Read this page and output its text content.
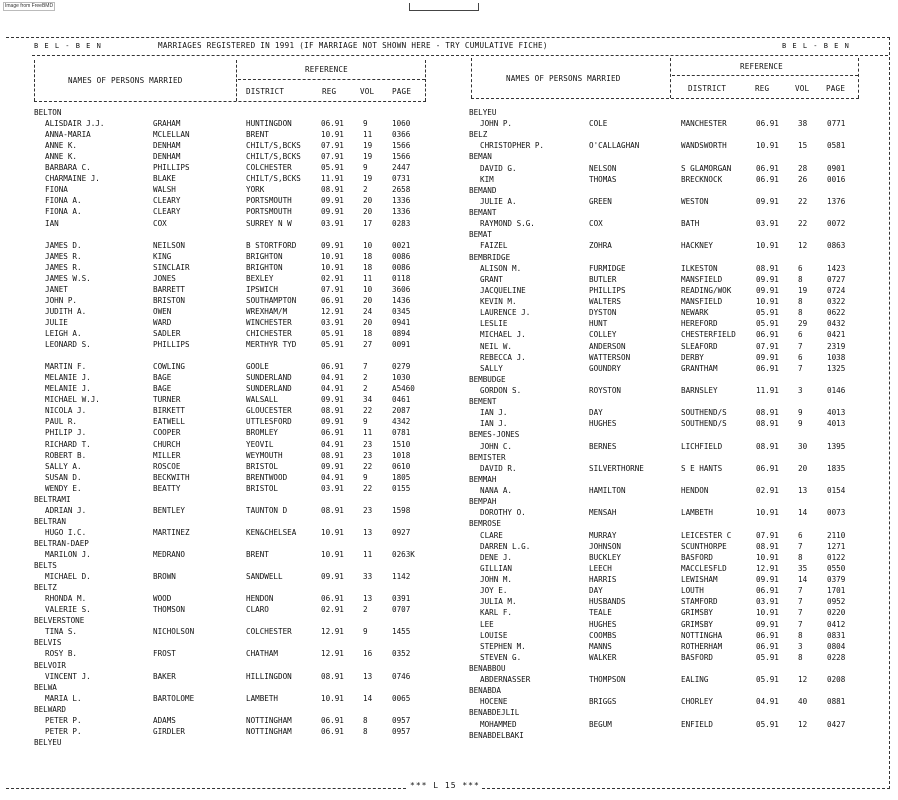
Image from FreeBMD
B E L - B E N	MARRIAGES REGISTERED IN 1991 (IF MARRIAGE NOT SHOWN HERE - TRY CUMULATIVE FICHE)	B E L - B E N
NAMES OF PERSONS MARRIED
REFERENCE
DISTRICT	REG	VOL PAGE
NAMES OF PERSONS MARRIED
REFERENCE
DISTRICT	REG	VOL PAGE
BELTON
ALISDAIR J.J.	GRAHAM	HUNTINGDON	06.91	9	1060
ANNA-MARIA	MCLELLAN	BRENT	10.91	11	0366
ANNE K.	DENHAM	CHILT/S,BCKS	07.91	19	1566
ANNE K.	DENHAM	CHILT/S,BCKS	07.91	19	1566
BARBARA C.	PHILLIPS	COLCHESTER	05.91	9	2447
CHARMAINE J.	BLAKE	CHILT/S,BCKS	11.91	19	0731
FIONA	WALSH	YORK	08.91	2	2658
FIONA A.	CLEARY	PORTSMOUTH	09.91	20	1336
FIONA A.	CLEARY	PORTSMOUTH	09.91	20	1336
IAN	COX	SURREY N W	03.91	17	0283
JAMES D.	NEILSON	B STORTFORD	09.91	10	0021
JAMES R.	KING	BRIGHTON	10.91	18	0086
JAMES R.	SINCLAIR	BRIGHTON	10.91	18	0086
JAMES W.S.	JONES	BEXLEY	02.91	11	0118
JANET	BARRETT	IPSWICH	07.91	10	3606
JOHN P.	BRISTON	SOUTHAMPTON	06.91	20	1436
JUDITH A.	OWEN	WREXHAM/M	12.91	24	0345
JULIE	WARD	WINCHESTER	03.91	20	0941
LEIGH A.	SADLER	CHICHESTER	05.91	18	0894
LEONARD S.	PHILLIPS	MERTHYR TYD	05.91	27	0091
MARTIN F.	COWLING	GOOLE	06.91	7	0279
MELANIE J.	BAGE	SUNDERLAND	04.91	2	1030
MELANIE J.	BAGE	SUNDERLAND	04.91	2	A5460
MICHAEL W.J.	TURNER	WALSALL	09.91	34	0461
NICOLA J.	BIRKETT	GLOUCESTER	08.91	22	2087
PAUL R.	EATWELL	UTTLESFORD	09.91	9	4342
PHILIP J.	COOPER	BROMLEY	06.91	11	0781
RICHARD T.	CHURCH	YEOVIL	04.91	23	1510
ROBERT B.	MILLER	WEYMOUTH	08.91	23	1018
SALLY A.	ROSCOE	BRISTOL	09.91	22	0610
SUSAN D.	BECKWITH	BRENTWOOD	04.91	9	1805
WENDY E.	BEATTY	BRISTOL	03.91	22	0155
BELTRAMI
ADRIAN J.	BENTLEY	TAUNTON D	08.91	23	1598
BELTRAN
HUGO I.C.	MARTINEZ	KEN&CHELSEA	10.91	13	0927
BELTRAN-DAEP
MARILON J.	MEDRANO	BRENT	10.91	11	0263K
BELTS
MICHAEL D.	BROWN	SANDWELL	09.91	33	1142
BELTZ
RHONDA M.	WOOD	HENDON	06.91	13	0391
VALERIE S.	THOMSON	CLARO	02.91	2	0707
BELVERSTONE
TINA S.	NICHOLSON	COLCHESTER	12.91	9	1455
BELVIS
ROSY B.	FROST	CHATHAM	12.91	16	0352
BELVOIR
VINCENT J.	BAKER	HILLINGDON	08.91	13	0746
BELWA
MARIA L.	BARTOLOME	LAMBETH	10.91	14	0065
BELWARD
PETER P.	ADAMS	NOTTINGHAM	06.91	8	0957
PETER P.	GIRDLER	NOTTINGHAM	06.91	8	0957
BELYEU
BELYEU
JOHN P.	COLE	MANCHESTER	06.91	38	0771
BELZ
CHRISTOPHER P.	O'CALLAGHAN	WANDSWORTH	10.91	15	0581
BEMAN
DAVID G.	NELSON	S GLAMORGAN	06.91	28	0901
KIM	THOMAS	BRECKNOCK	06.91	26	0016
BEMAND
JULIE A.	GREEN	WESTON	09.91	22	1376
BEMANT
RAYMOND S.G.	COX	BATH	03.91	22	0072
BEMAT
FAIZEL	ZOHRA	HACKNEY	10.91	12	0863
BEMBRIDGE
ALISON M.	FURMIDGE	ILKESTON	08.91	6	1423
GRANT	BUTLER	MANSFIELD	09.91	8	0727
JACQUELINE	PHILLIPS	READING/WOK	09.91	19	0724
KEVIN M.	WALTERS	MANSFIELD	10.91	8	0322
LAURENCE J.	DYSTON	NEWARK	05.91	8	0622
LESLIE	HUNT	HEREFORD	05.91	29	0432
MICHAEL J.	COLLEY	CHESTERFIELD	06.91	6	0421
NEIL W.	ANDERSON	SLEAFORD	07.91	7	2319
REBECCA J.	WATTERSON	DERBY	09.91	6	1038
SALLY	GOUNDRY	GRANTHAM	06.91	7	1325
BEMBUDGE
GORDON S.	ROYSTON	BARNSLEY	11.91	3	0146
BEMENT
IAN J.	DAY	SOUTHEND/S	08.91	9	4013
IAN J.	HUGHES	SOUTHEND/S	08.91	9	4013
BEMES-JONES
JOHN C.	BERNES	LICHFIELD	08.91	30	1395
BEMISTER
DAVID R.	SILVERTHORNE	S E HANTS	06.91	20	1835
BEMMAH
NANA A.	HAMILTON	HENDON	02.91	13	0154
BEMPAH
DOROTHY O.	MENSAH	LAMBETH	10.91	14	0073
BEMROSE
CLARE	MURRAY	LEICESTER C	07.91	6	2110
DARREN L.G.	JOHNSON	SCUNTHORPE	08.91	7	1271
DENE J.	BUCKLEY	BASFORD	10.91	8	0122
GILLIAN	LEECH	MACCLESFLD	12.91	35	0550
JOHN M.	HARRIS	LEWISHAM	09.91	14	0379
JOY E.	DAY	LOUTH	06.91	7	1701
JULIA M.	HUSBANDS	STAMFORD	03.91	7	0952
KARL F.	TEALE	GRIMSBY	10.91	7	0220
LEE	HUGHES	GRIMSBY	09.91	7	0412
LOUISE	COOMBS	NOTTINGHA	06.91	8	0831
STEPHEN M.	MANNS	ROTHERHAM	06.91	3	0804
STEVEN G.	WALKER	BASFORD	05.91	8	0228
BENABBOU
ABDERNASSER	THOMPSON	EALING	05.91	12	0208
BENABDA
HOCENE	BRIGGS	CHORLEY	04.91	40	0881
BENABDEJLIL
MOHAMMED	BEGUM	ENFIELD	05.91	12	0427
BENABDELBAKI
*** L 15 ***
